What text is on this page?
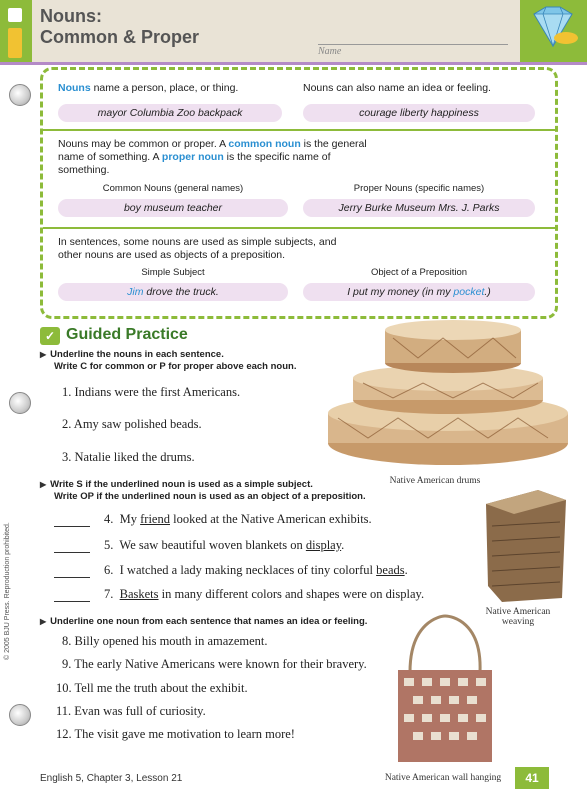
Nouns:
Common & Proper
Name
© 2005 BJU Press. Reproduction prohibited.
Nouns name a person, place, or thing.
mayor Columbia Zoo backpack
Nouns can also name an idea or feeling.
courage liberty happiness
Nouns may be common or proper. A common noun is the general name of something. A proper noun is the specific name of something.
Common Nouns (general names)
boy museum teacher
Proper Nouns (specific names)
Jerry Burke Museum Mrs. J. Parks
In sentences, some nouns are used as simple subjects, and other nouns are used as objects of a preposition.
Simple Subject
Jim drove the truck.
Object of a Preposition
I put my money (in my pocket.)
✓ Guided Practice
▶ Underline the nouns in each sentence.
Write C for common or P for proper above each noun.
1. Indians were the first Americans.
2. Amy saw polished beads.
3. Natalie liked the drums.
▶ Write S if the underlined noun is used as a simple subject.
Write OP if the underlined noun is used as an object of a preposition.
4. My friend looked at the Native American exhibits.
5. We saw beautiful woven blankets on display.
6. I watched a lady making necklaces of tiny colorful beads.
7. Baskets in many different colors and shapes were on display.
▶ Underline one noun from each sentence that names an idea or feeling.
8. Billy opened his mouth in amazement.
9. The early Native Americans were known for their bravery.
10. Tell me the truth about the exhibit.
11. Evan was full of curiosity.
12. The visit gave me motivation to learn more!
Native American drums
Native American
weaving
Native American wall hanging
English 5, Chapter 3, Lesson 21	41
